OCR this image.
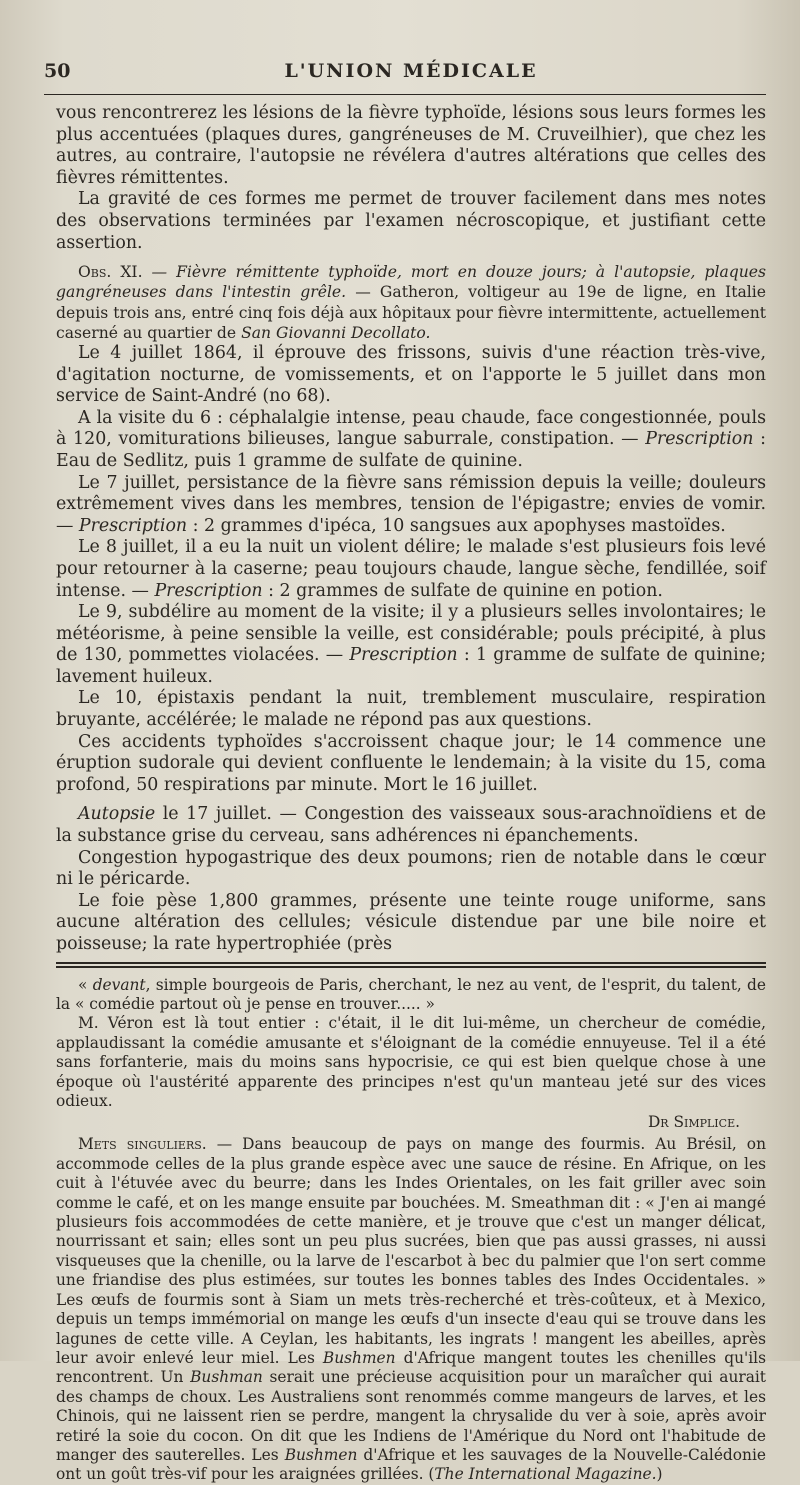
50	L'UNION MÉDICALE

vous rencontrerez les lésions de la fièvre typhoïde, lésions sous leurs formes les plus accentuées (plaques dures, gangréneuses de M. Cruveilhier), que chez les autres, au contraire, l'autopsie ne révélera d'autres altérations que celles des fièvres rémittentes.

La gravité de ces formes me permet de trouver facilement dans mes notes des observations terminées par l'examen nécroscopique, et justifiant cette assertion.

Obs. XI. — Fièvre rémittente typhoïde, mort en douze jours; à l'autopsie, plaques gangréneuses dans l'intestin grêle. — Gatheron, voltigeur au 19e de ligne, en Italie depuis trois ans, entré cinq fois déjà aux hôpitaux pour fièvre intermittente, actuellement caserné au quartier de San Giovanni Decollato.

Le 4 juillet 1864, il éprouve des frissons, suivis d'une réaction très-vive, d'agitation nocturne, de vomissements, et on l'apporte le 5 juillet dans mon service de Saint-André (no 68).

A la visite du 6 : céphalalgie intense, peau chaude, face congestionnée, pouls à 120, vomiturations bilieuses, langue saburrale, constipation. — Prescription : Eau de Sedlitz, puis 1 gramme de sulfate de quinine.

Le 7 juillet, persistance de la fièvre sans rémission depuis la veille; douleurs extrêmement vives dans les membres, tension de l'épigastre; envies de vomir. — Prescription : 2 grammes d'ipéca, 10 sangsues aux apophyses mastoïdes.

Le 8 juillet, il a eu la nuit un violent délire; le malade s'est plusieurs fois levé pour retourner à la caserne; peau toujours chaude, langue sèche, fendillée, soif intense. — Prescription : 2 grammes de sulfate de quinine en potion.

Le 9, subdélire au moment de la visite; il y a plusieurs selles involontaires; le météorisme, à peine sensible la veille, est considérable; pouls précipité, à plus de 130, pommettes violacées. — Prescription : 1 gramme de sulfate de quinine; lavement huileux.

Le 10, épistaxis pendant la nuit, tremblement musculaire, respiration bruyante, accélérée; le malade ne répond pas aux questions.

Ces accidents typhoïdes s'accroissent chaque jour; le 14 commence une éruption sudorale qui devient confluente le lendemain; à la visite du 15, coma profond, 50 respirations par minute. Mort le 16 juillet.

Autopsie le 17 juillet. — Congestion des vaisseaux sous-arachnoïdiens et de la substance grise du cerveau, sans adhérences ni épanchements.

Congestion hypogastrique des deux poumons; rien de notable dans le cœur ni le péricarde.

Le foie pèse 1,800 grammes, présente une teinte rouge uniforme, sans aucune altération des cellules; vésicule distendue par une bile noire et poisseuse; la rate hypertrophiée (près

« devant, simple bourgeois de Paris, cherchant, le nez au vent, de l'esprit, du talent, de la « comédie partout où je pense en trouver..... »

M. Véron est là tout entier : c'était, il le dit lui-même, un chercheur de comédie, applaudissant la comédie amusante et s'éloignant de la comédie ennuyeuse. Tel il a été sans forfanterie, mais du moins sans hypocrisie, ce qui est bien quelque chose à une époque où l'austérité apparente des principes n'est qu'un manteau jeté sur des vices odieux.

Dr Simplice.

Mets singuliers. — Dans beaucoup de pays on mange des fourmis. Au Brésil, on accommode celles de la plus grande espèce avec une sauce de résine. En Afrique, on les cuit à l'étuvée avec du beurre; dans les Indes Orientales, on les fait griller avec soin comme le café, et on les mange ensuite par bouchées. M. Smeathman dit : « J'en ai mangé plusieurs fois accommodées de cette manière, et je trouve que c'est un manger délicat, nourrissant et sain; elles sont un peu plus sucrées, bien que pas aussi grasses, ni aussi visqueuses que la chenille, ou la larve de l'escarbot à bec du palmier que l'on sert comme une friandise des plus estimées, sur toutes les bonnes tables des Indes Occidentales. » Les œufs de fourmis sont à Siam un mets très-recherché et très-coûteux, et à Mexico, depuis un temps immémorial on mange les œufs d'un insecte d'eau qui se trouve dans les lagunes de cette ville. A Ceylan, les habitants, les ingrats ! mangent les abeilles, après leur avoir enlevé leur miel. Les Bushmen d'Afrique mangent toutes les chenilles qu'ils rencontrent. Un Bushman serait une précieuse acquisition pour un maraîcher qui aurait des champs de choux. Les Australiens sont renommés comme mangeurs de larves, et les Chinois, qui ne laissent rien se perdre, mangent la chrysalide du ver à soie, après avoir retiré la soie du cocon. On dit que les Indiens de l'Amérique du Nord ont l'habitude de manger des sauterelles. Les Bushmen d'Afrique et les sauvages de la Nouvelle-Calédonie ont un goût très-vif pour les araignées grillées. (The International Magazine.)
